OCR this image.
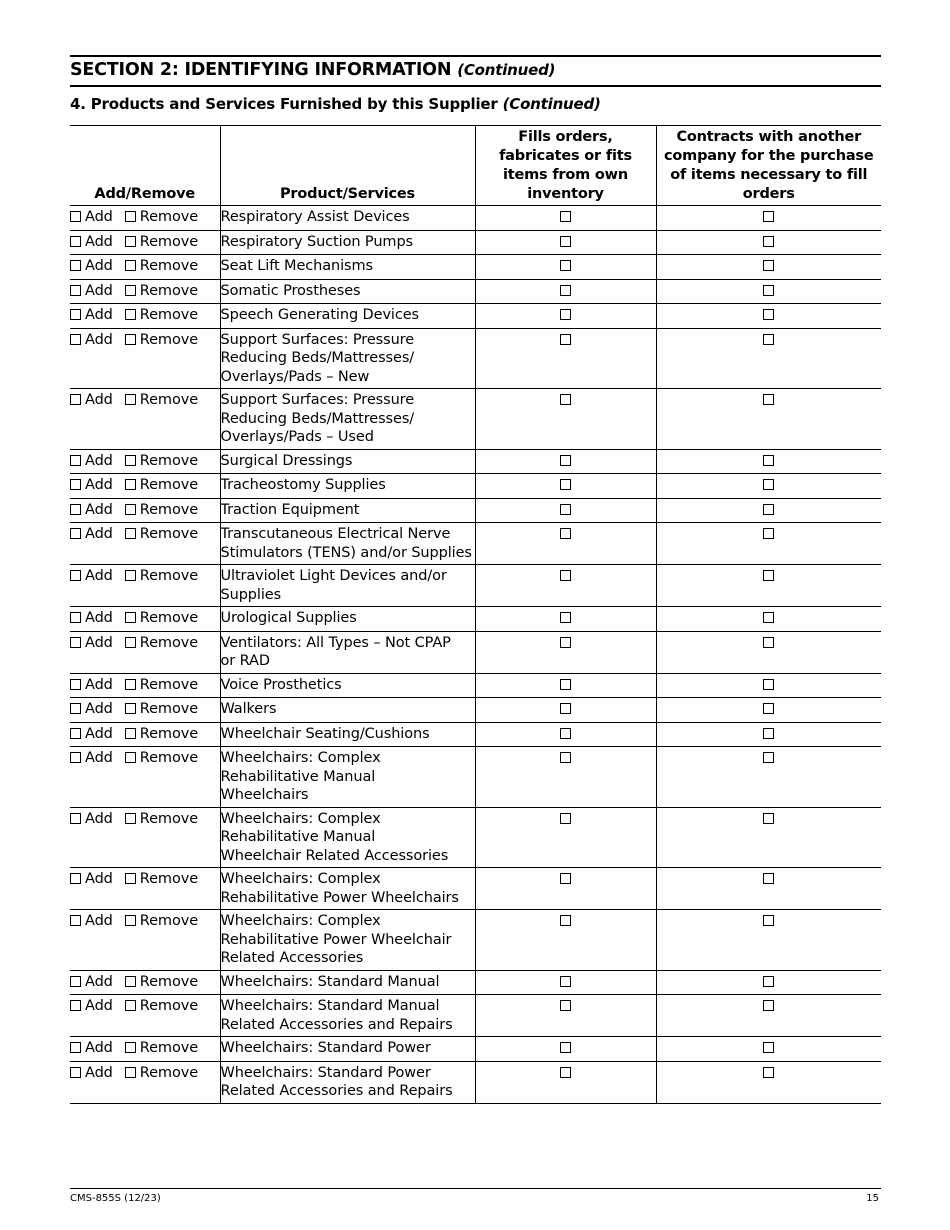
SECTION 2: IDENTIFYING INFORMATION (Continued)
4. Products and Services Furnished by this Supplier (Continued)
Add/Remove	Product/Services	Fills orders, fabricates or fits items from own inventory	Contracts with another company for the purchase of items necessary to fill orders
Add Remove	Respiratory Assist Devices		

Add Remove	Respiratory Suction Pumps		

Add Remove	Seat Lift Mechanisms		

Add Remove	Somatic Prostheses		

Add Remove	Speech Generating Devices		

Add Remove	Support Surfaces: Pressure
Reducing Beds/Mattresses/
Overlays/Pads – New		

Add Remove	Support Surfaces: Pressure
Reducing Beds/Mattresses/
Overlays/Pads – Used		

Add Remove	Surgical Dressings		

Add Remove	Tracheostomy Supplies		

Add Remove	Traction Equipment		

Add Remove	Transcutaneous Electrical Nerve
Stimulators (TENS) and/or Supplies		

Add Remove	Ultraviolet Light Devices and/or
Supplies		

Add Remove	Urological Supplies		

Add Remove	Ventilators: All Types – Not CPAP
or RAD		

Add Remove	Voice Prosthetics		

Add Remove	Walkers		

Add Remove	Wheelchair Seating/Cushions		

Add Remove	Wheelchairs: Complex
Rehabilitative Manual
Wheelchairs		

Add Remove	Wheelchairs: Complex
Rehabilitative Manual
Wheelchair Related Accessories		

Add Remove	Wheelchairs: Complex
Rehabilitative Power Wheelchairs		

Add Remove	Wheelchairs: Complex
Rehabilitative Power Wheelchair
Related Accessories		

Add Remove	Wheelchairs: Standard Manual		

Add Remove	Wheelchairs: Standard Manual
Related Accessories and Repairs		

Add Remove	Wheelchairs: Standard Power		

Add Remove	Wheelchairs: Standard Power
Related Accessories and Repairs		

CMS-855S (12/23)	15
